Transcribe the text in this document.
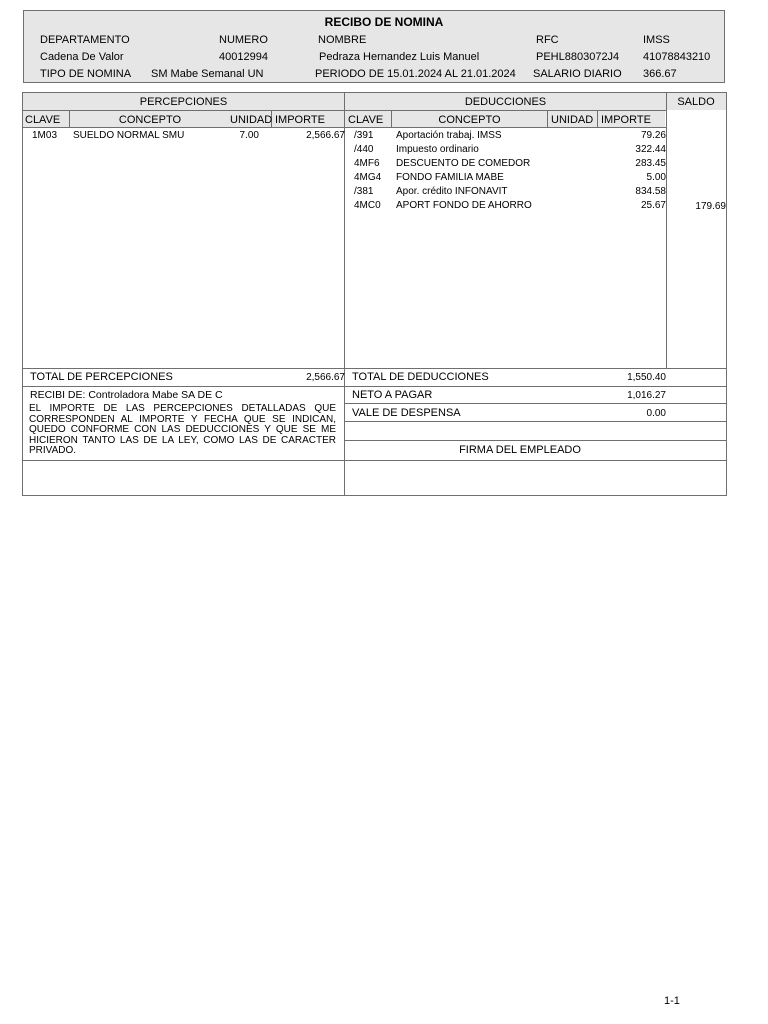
RECIBO DE NOMINA
DEPARTAMENTO	NUMERO	NOMBRE	RFC	IMSS
Cadena De Valor	40012994	Pedraza Hernandez Luis Manuel	PEHL8803072J4 41078843210
TIPO DE NOMINA SM Mabe Semanal UN	PERIODO DE 15.01.2024 AL 21.01.2024 SALARIO DIARIO 366.67
PERCEPCIONES	DEDUCCIONES	SALDO
CLAVE	CONCEPTO	UNIDAD IMPORTE CLAVE	CONCEPTO	UNIDAD IMPORTE
1M03 SUELDO NORMAL SMU	7.00	2,566.67 /391 Aportación trabaj. IMSS	79.26
/440 Impuesto ordinario	322.44
4MF6 DESCUENTO DE COMEDOR	283.45
4MG4 FONDO FAMILIA MABE	5.00
/381 Apor. crédito INFONAVIT	834.58
4MC0 APORT FONDO DE AHORRO	25.67	179.69
TOTAL DE PERCEPCIONES	2,566.67 TOTAL DE DEDUCCIONES	1,550.40
NETO A PAGAR	1,016.27
VALE DE DESPENSA	0.00
RECIBI DE: Controladora Mabe SA DE C
EL IMPORTE DE LAS PERCEPCIONES DETALLADAS QUE CORRESPONDEN AL IMPORTE Y FECHA QUE SE INDICAN, QUEDO CONFORME CON LAS DEDUCCIONES Y QUE SE ME HICIERON TANTO LAS DE LA LEY, COMO LAS DE CARACTER PRIVADO.	FIRMA DEL EMPLEADO
1-1
